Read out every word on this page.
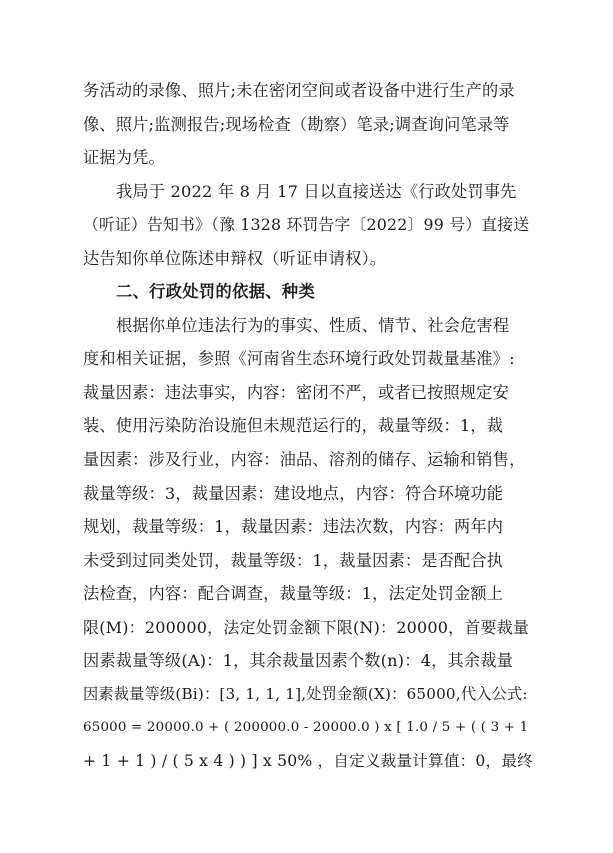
务活动的录像、照片;未在密闭空间或者设备中进行生产的录
像、照片;监测报告;现场检查（勘察）笔录;调查询问笔录等
证据为凭。
我局于 2022 年 8 月 17 日以直接送达《行政处罚事先
（听证）告知书》（豫 1328 环罚告字〔2022〕99 号）直接送
达告知你单位陈述申辩权（听证申请权）。
二、行政处罚的依据、种类
根据你单位违法行为的事实、性质、情节、社会危害程
度和相关证据，参照《河南省生态环境行政处罚裁量基准》:
裁量因素：违法事实，内容：密闭不严，或者已按照规定安
装、使用污染防治设施但未规范运行的，裁量等级：1，裁
量因素：涉及行业，内容：油品、溶剂的储存、运输和销售，
裁量等级：3，裁量因素：建设地点，内容：符合环境功能
规划，裁量等级：1，裁量因素：违法次数，内容：两年内
未受到过同类处罚，裁量等级：1，裁量因素：是否配合执
法检查，内容：配合调查，裁量等级：1，法定处罚金额上
限(M)：200000，法定处罚金额下限(N)：20000，首要裁量
因素裁量等级(A)：1，其余裁量因素个数(n)：4，其余裁量
因素裁量等级(Bi)：[3, 1, 1, 1],处罚金额(X)：65000,代入公式:
65000 = 20000.0 + ( 200000.0 - 20000.0 ) x [ 1.0 / 5 + ( ( 3 + 1
+ 1 + 1 ) / ( 5 x 4 ) ) ] x 50% ，自定义裁量计算值：0，最终
